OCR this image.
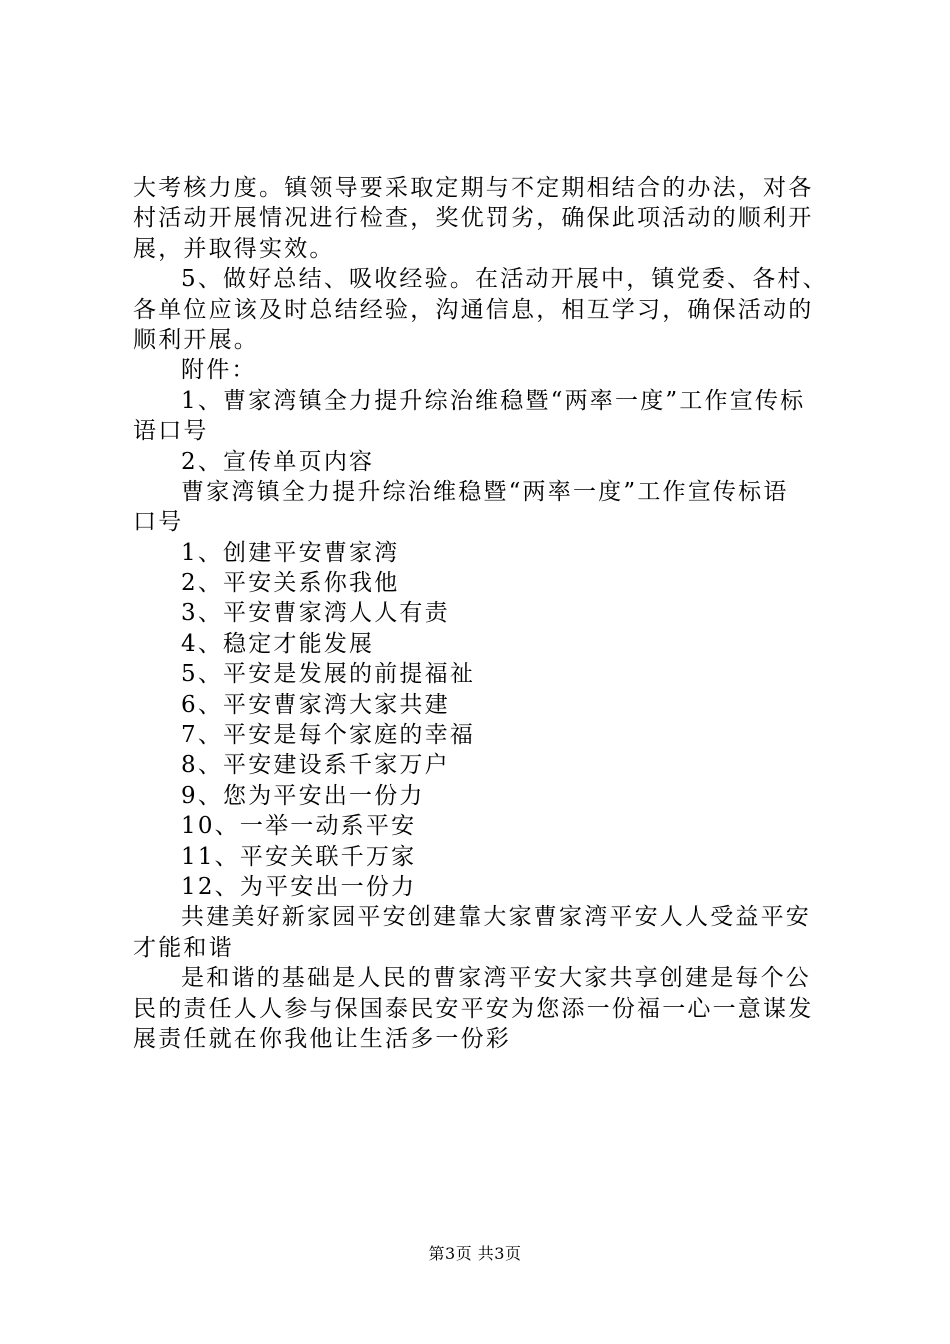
大考核力度。镇领导要采取定期与不定期相结合的办法，对各
村活动开展情况进行检查，奖优罚劣，确保此项活动的顺利开
展，并取得实效。
5、做好总结、吸收经验。在活动开展中，镇党委、各村、
各单位应该及时总结经验，沟通信息，相互学习，确保活动的
顺利开展。
附件：
1、曹家湾镇全力提升综治维稳暨“两率一度”工作宣传标
语口号
2、宣传单页内容
曹家湾镇全力提升综治维稳暨“两率一度”工作宣传标语
口号
1、创建平安曹家湾
2、平安关系你我他
3、平安曹家湾人人有责
4、稳定才能发展
5、平安是发展的前提福祉
6、平安曹家湾大家共建
7、平安是每个家庭的幸福
8、平安建设系千家万户
9、您为平安出一份力
10、一举一动系平安
11、平安关联千万家
12、为平安出一份力
共建美好新家园平安创建靠大家曹家湾平安人人受益平安
才能和谐
是和谐的基础是人民的曹家湾平安大家共享创建是每个公
民的责任人人参与保国泰民安平安为您添一份福一心一意谋发
展责任就在你我他让生活多一份彩
第3页 共3页
